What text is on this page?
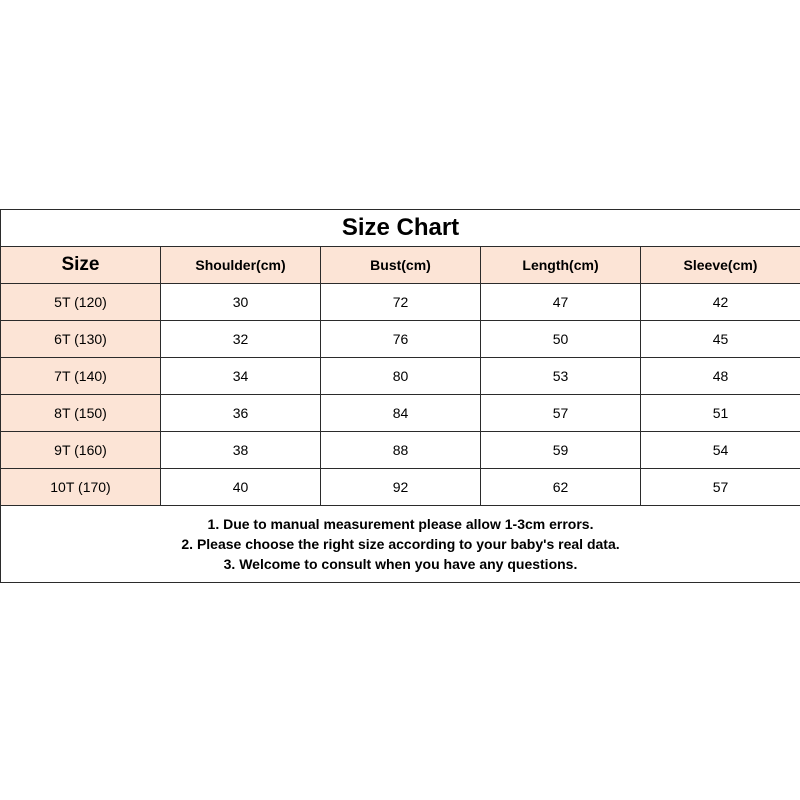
Size Chart				
Size	Shoulder(cm)	Bust(cm)	Length(cm)	Sleeve(cm)
5T (120)	30	72	47	42
6T (130)	32	76	50	45
7T (140)	34	80	53	48
8T (150)	36	84	57	51
9T (160)	38	88	59	54
10T (170)	40	92	62	57

1. Due to manual measurement please allow 1-3cm errors.
2. Please choose the right size according to your baby's real data.
3. Welcome to consult when you have any questions.				
